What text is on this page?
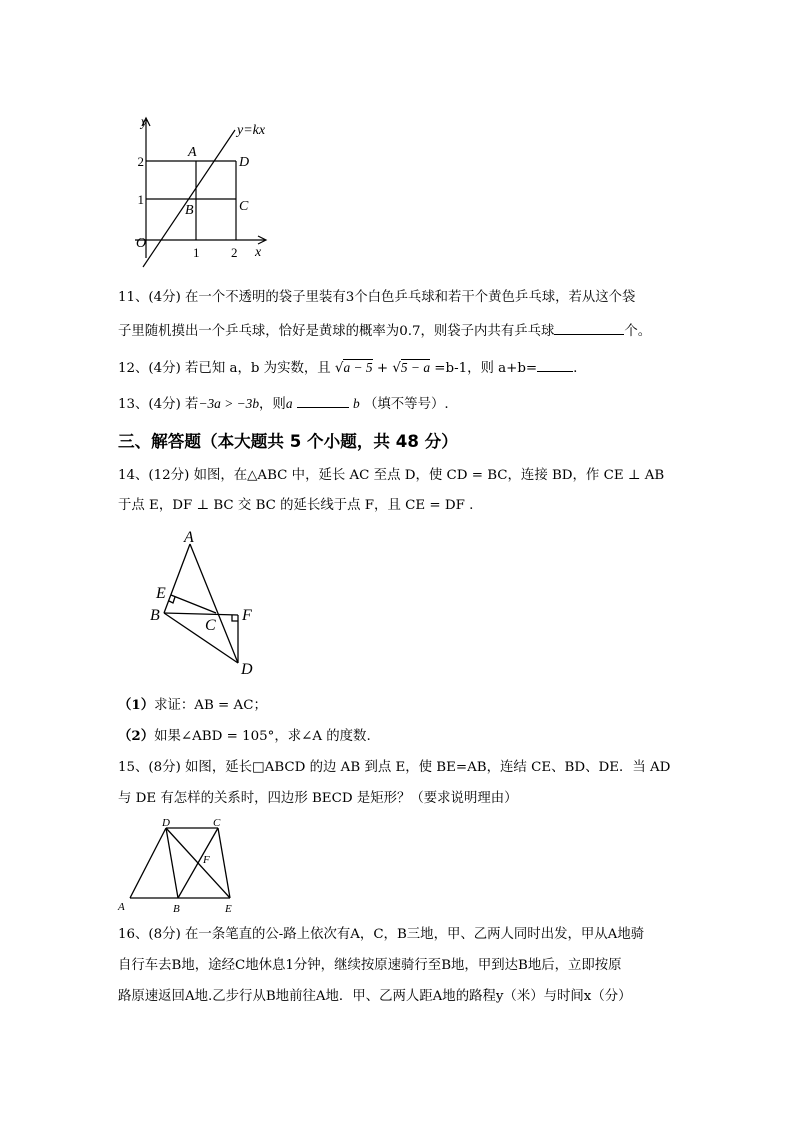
y
x
y=kx
2
1
O
1 2
A
B	C
D
11、(4分) 在一个不透明的袋子里装有3个白色乒乓球和若干个黄色乒乓球，若从这个袋
子里随机摸出一个乒乓球，恰好是黄球的概率为0.7，则袋子内共有乒乓球	个。
12、(4分) 若已知 a，b 为实数，且 √a − 5 + √5 − a =b-1，则 a+b=	.
13、(4分) 若−3a > −3b，则a	b （填不等号）.
三、解答题（本大题共 5 个小题，共 48 分）
14、(12分) 如图，在△ABC 中，延长 AC 至点 D，使 CD = BC，连接 BD，作 CE ⊥ AB
于点 E，DF ⊥ BC 交 BC 的延长线于点 F，且 CE = DF .
A
E
B
C
F
D
（1）求证：AB = AC；
（2）如果∠ABD = 105°，求∠A 的度数.
15、(8分) 如图，延长□ABCD 的边 AB 到点 E，使 BE=AB，连结 CE、BD、DE．当 AD
与 DE 有怎样的关系时，四边形 BECD 是矩形？（要求说明理由）
D	C
F
A	B	E
16、(8分) 在一条笔直的公-路上依次有A，C，B三地，甲、乙两人同时出发，甲从A地骑
自行车去B地，途经C地休息1分钟，继续按原速骑行至B地，甲到达B地后，立即按原
路原速返回A地.乙步行从B地前往A地．甲、乙两人距A地的路程y（米）与时间x（分）
